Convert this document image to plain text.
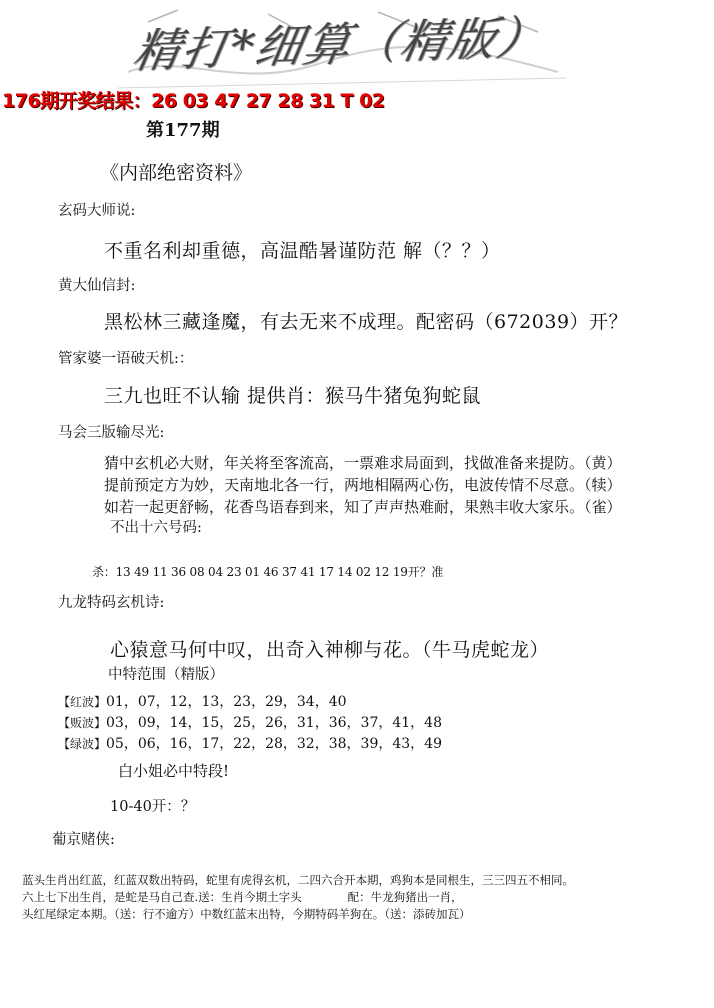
精打*细算（精版）
176期开奖结果：26 03 47 27 28 31 T 02
第177期
《内部绝密资料》
玄码大师说:
不重名利却重德，高温酷暑谨防范 解（？？）
黄大仙信封:
黑松林三藏逢魔，有去无来不成理。配密码（672039）开？
管家婆一语破天机:：
三九也旺不认输 提供肖：猴马牛猪兔狗蛇鼠
马会三版输尽光:
猜中玄机必大财，年关将至客流高，一票难求局面到，找做准备来提防。（黄）
提前预定方为妙，天南地北各一行，两地相隔两心伤，电波传情不尽意。（犊）
如若一起更舒畅，花香鸟语春到来，知了声声热难耐，果熟丰收大家乐。（雀）
不出十六号码:
杀：13 49 11 36 08 04 23 01 46 37 41 17 14 02 12 19开？准
九龙特码玄机诗:
心猿意马何中叹，出奇入神柳与花。（牛马虎蛇龙）
中特范围（精版）
【红波】01，07，12，13，23，29，34，40
【贩波】03，09，14，15，25，26，31，36，37，41，48
【绿波】05，06，16，17，22，28，32，38，39，43，49
白小姐必中特段!
10-40开：？
葡京赌侠:
蓝头生肖出红蓝，红蓝双数出特码，蛇里有虎得玄机，二四六合开本期，鸡狗本是同根生，三三四五不相同。
六上七下出生肖，是蛇是马自己查.送：生肖今期土字头　　　　配：牛龙狗猪出一肖，
头红尾绿定本期。（送：行不逾方）中数红蓝末出特，今期特码羊狗在。（送：添砖加瓦）
